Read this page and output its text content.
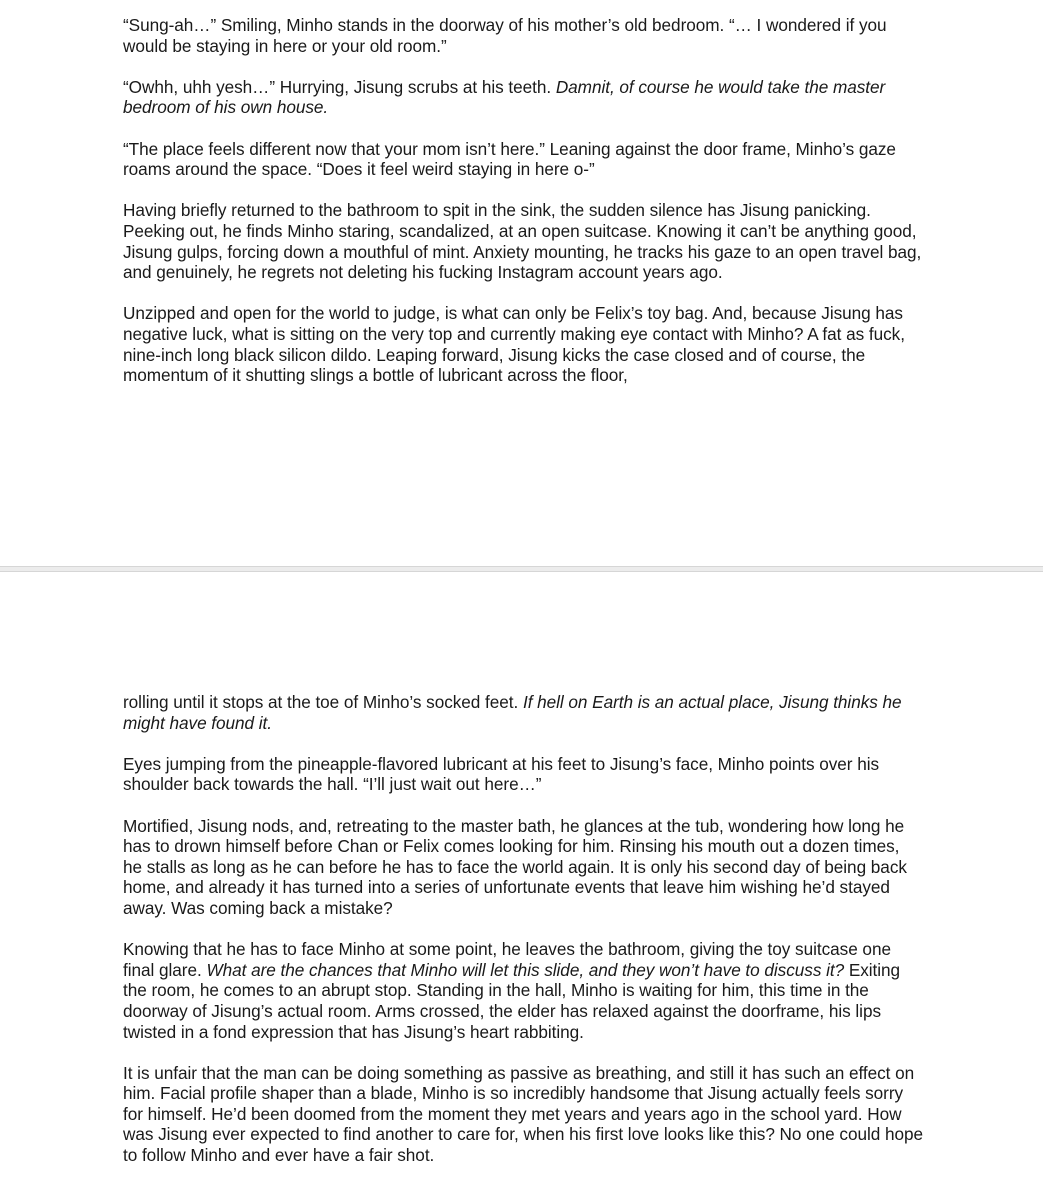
“Sung-ah…” Smiling, Minho stands in the doorway of his mother’s old bedroom. “… I wondered if you would be staying in here or your old room.”

“Owhh, uhh yesh…” Hurrying, Jisung scrubs at his teeth. Damnit, of course he would take the master bedroom of his own house.

“The place feels different now that your mom isn’t here.” Leaning against the door frame, Minho’s gaze roams around the space. “Does it feel weird staying in here o-”

Having briefly returned to the bathroom to spit in the sink, the sudden silence has Jisung panicking. Peeking out, he finds Minho staring, scandalized, at an open suitcase. Knowing it can’t be anything good, Jisung gulps, forcing down a mouthful of mint. Anxiety mounting, he tracks his gaze to an open travel bag, and genuinely, he regrets not deleting his fucking Instagram account years ago.

Unzipped and open for the world to judge, is what can only be Felix’s toy bag. And, because Jisung has negative luck, what is sitting on the very top and currently making eye contact with Minho? A fat as fuck, nine-inch long black silicon dildo. Leaping forward, Jisung kicks the case closed and of course, the momentum of it shutting slings a bottle of lubricant across the floor,

rolling until it stops at the toe of Minho’s socked feet. If hell on Earth is an actual place, Jisung thinks he might have found it.

Eyes jumping from the pineapple-flavored lubricant at his feet to Jisung’s face, Minho points over his shoulder back towards the hall. “I’ll just wait out here…”

Mortified, Jisung nods, and, retreating to the master bath, he glances at the tub, wondering how long he has to drown himself before Chan or Felix comes looking for him. Rinsing his mouth out a dozen times, he stalls as long as he can before he has to face the world again. It is only his second day of being back home, and already it has turned into a series of unfortunate events that leave him wishing he’d stayed away. Was coming back a mistake?

Knowing that he has to face Minho at some point, he leaves the bathroom, giving the toy suitcase one final glare. What are the chances that Minho will let this slide, and they won’t have to discuss it? Exiting the room, he comes to an abrupt stop. Standing in the hall, Minho is waiting for him, this time in the doorway of Jisung’s actual room. Arms crossed, the elder has relaxed against the doorframe, his lips twisted in a fond expression that has Jisung’s heart rabbiting.

It is unfair that the man can be doing something as passive as breathing, and still it has such an effect on him. Facial profile shaper than a blade, Minho is so incredibly handsome that Jisung actually feels sorry for himself. He’d been doomed from the moment they met years and years ago in the school yard. How was Jisung ever expected to find another to care for, when his first love looks like this? No one could hope to follow Minho and ever have a fair shot.
